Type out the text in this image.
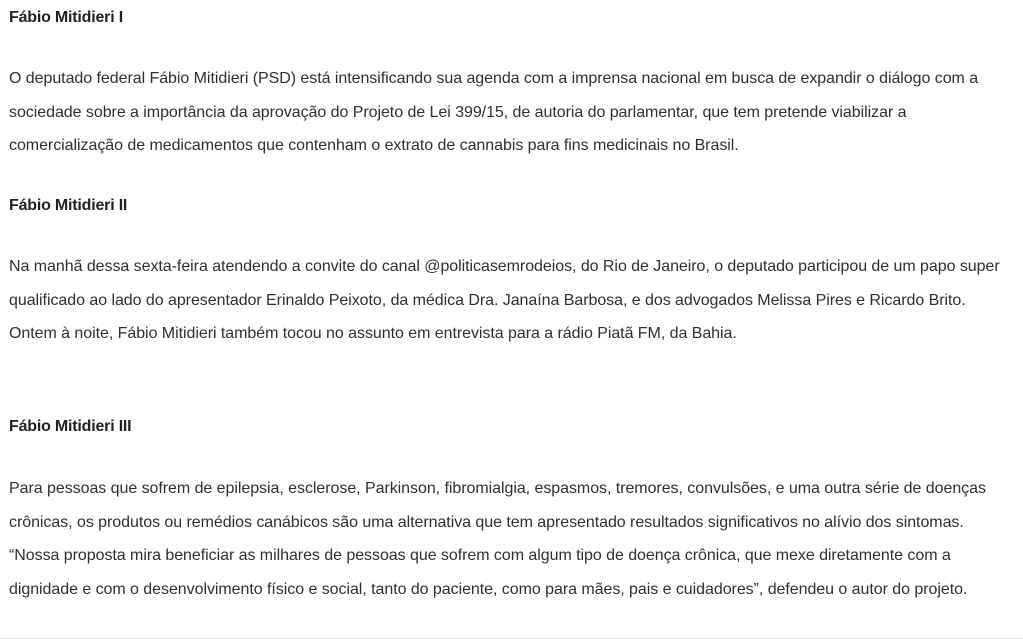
Fábio Mitidieri I

O deputado federal Fábio Mitidieri (PSD) está intensificando sua agenda com a imprensa nacional em busca de expandir o diálogo com a sociedade sobre a importância da aprovação do Projeto de Lei 399/15, de autoria do parlamentar, que tem pretende viabilizar a comercialização de medicamentos que contenham o extrato de cannabis para fins medicinais no Brasil.

Fábio Mitidieri II

Na manhã dessa sexta-feira atendendo a convite do canal @politicasemrodeios, do Rio de Janeiro, o deputado participou de um papo super qualificado ao lado do apresentador Erinaldo Peixoto, da médica Dra. Janaína Barbosa, e dos advogados Melissa Pires e Ricardo Brito. Ontem à noite, Fábio Mitidieri também tocou no assunto em entrevista para a rádio Piatã FM, da Bahia.

Fábio Mitidieri III

Para pessoas que sofrem de epilepsia, esclerose, Parkinson, fibromialgia, espasmos, tremores, convulsões, e uma outra série de doenças crônicas, os produtos ou remédios canábicos são uma alternativa que tem apresentado resultados significativos no alívio dos sintomas. “Nossa proposta mira beneficiar as milhares de pessoas que sofrem com algum tipo de doença crônica, que mexe diretamente com a dignidade e com o desenvolvimento físico e social, tanto do paciente, como para mães, pais e cuidadores”, defendeu o autor do projeto.
